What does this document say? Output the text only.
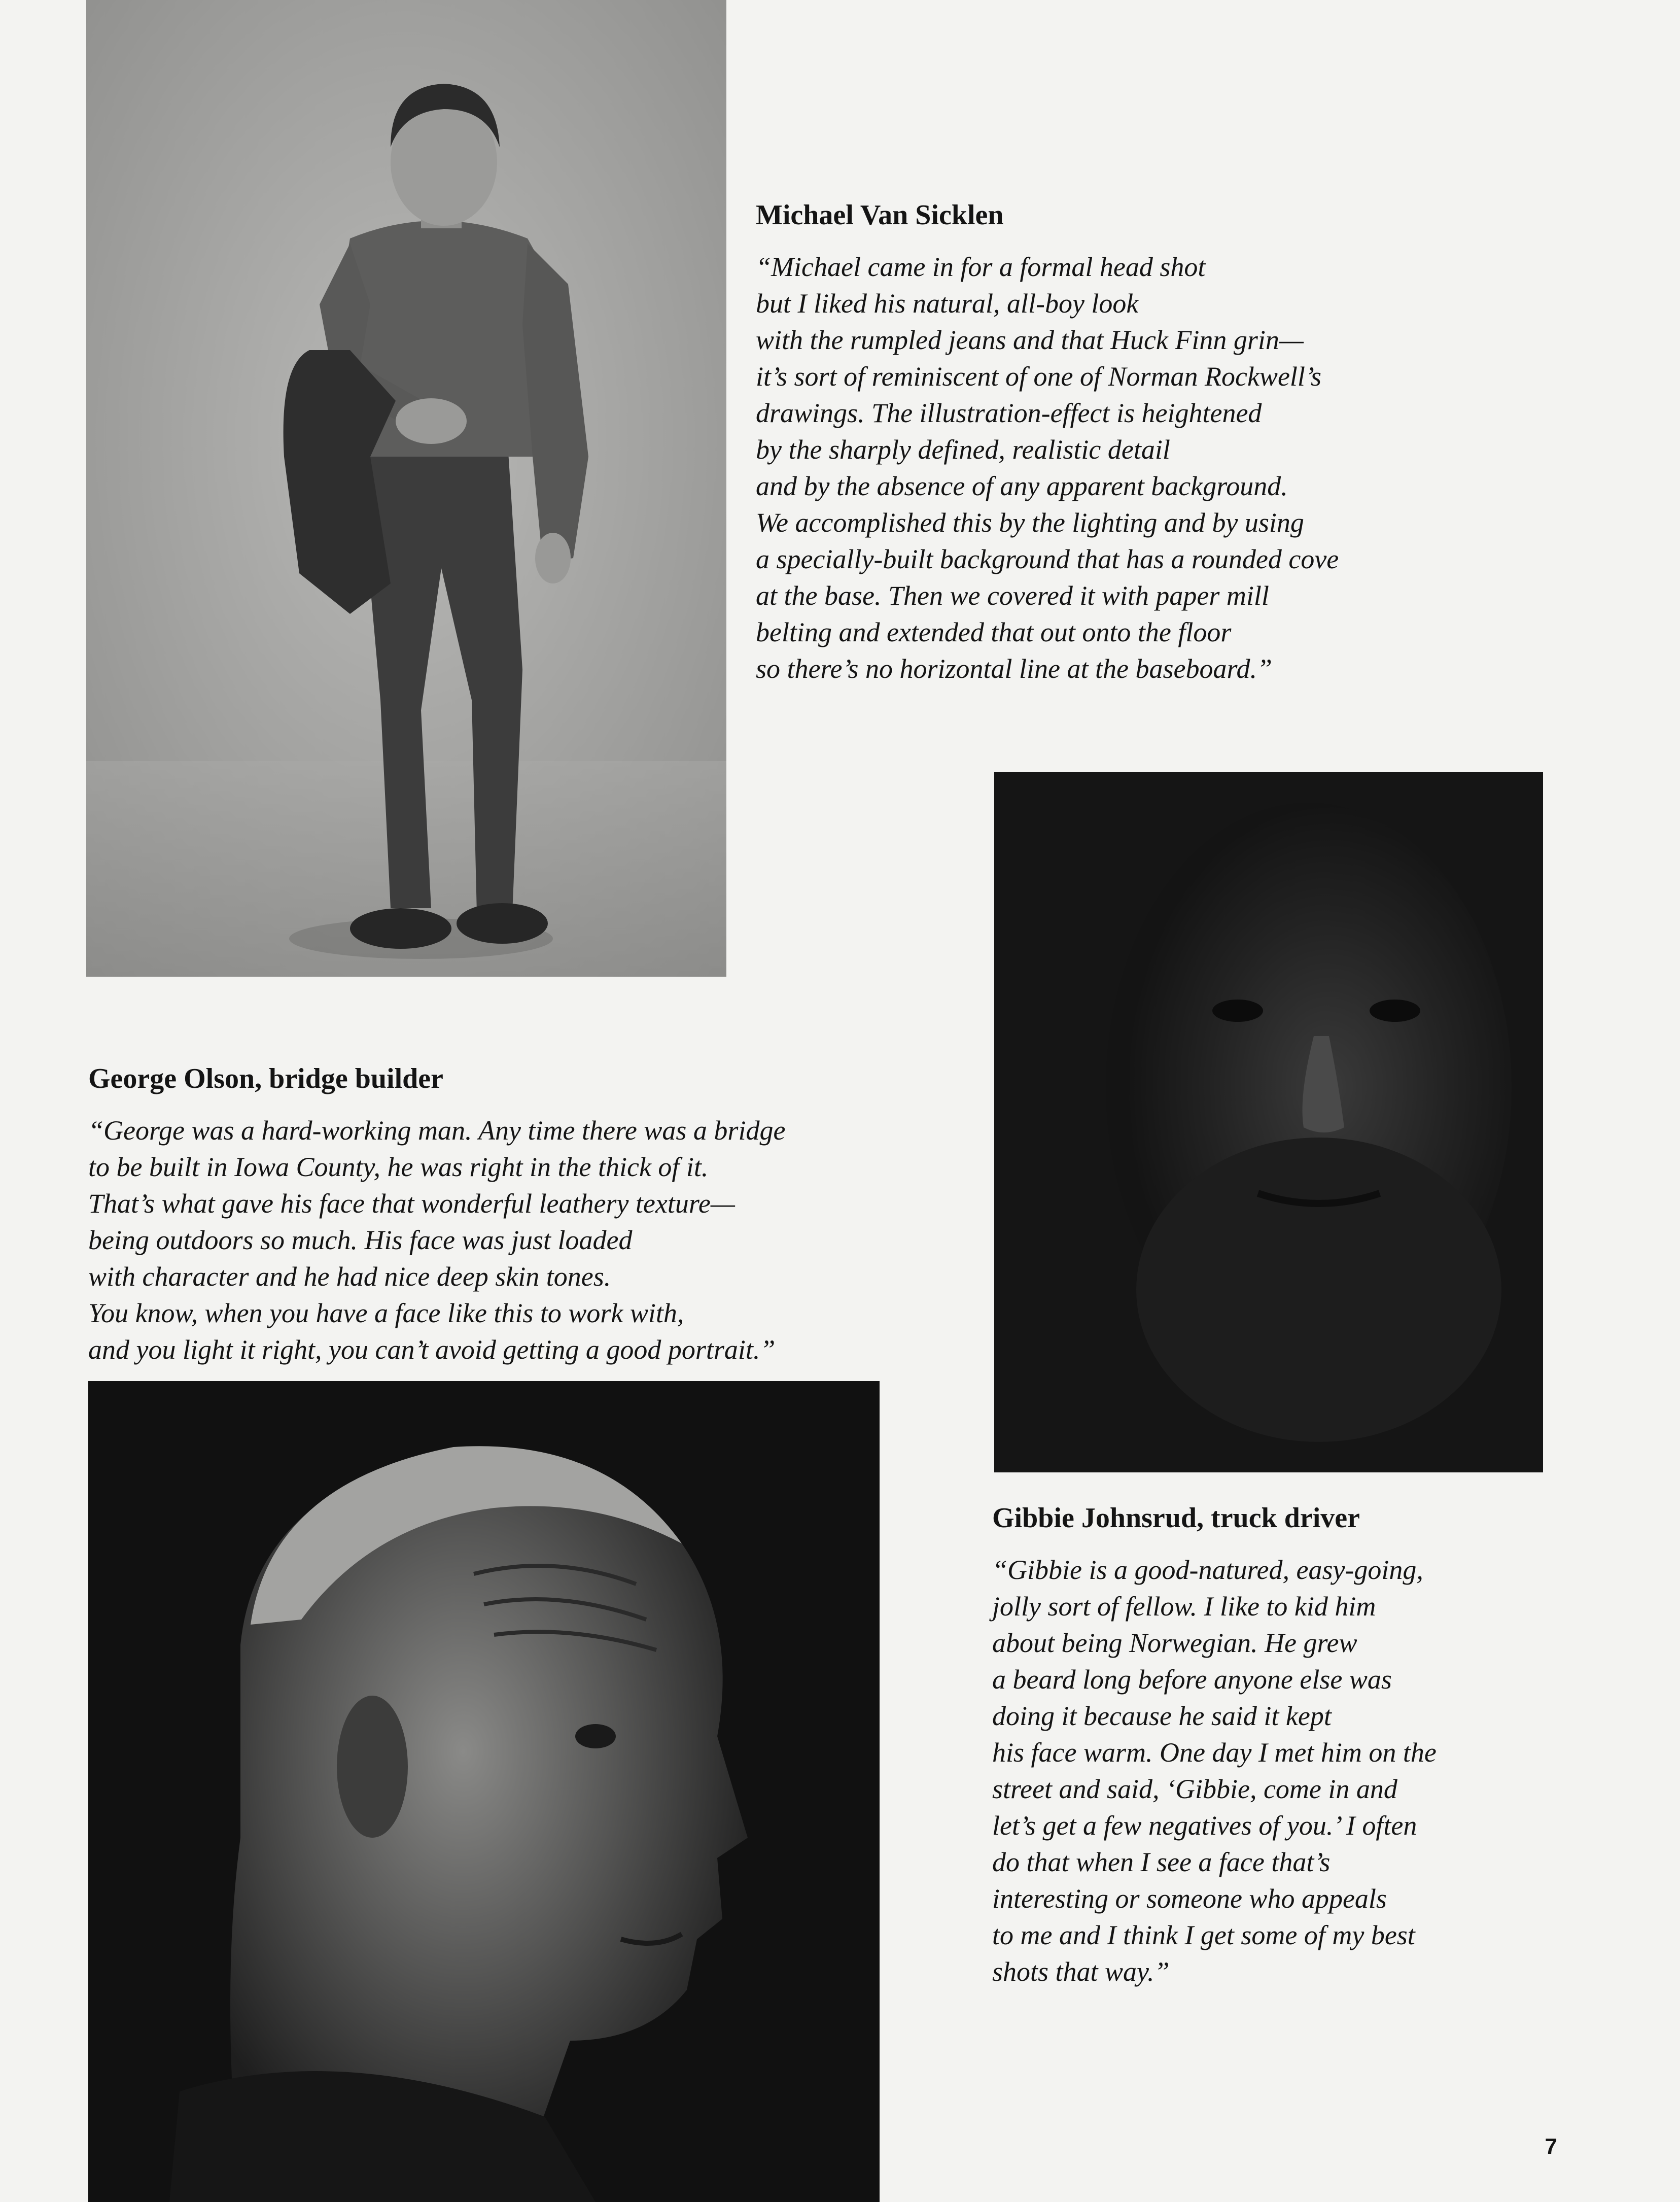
Michael Van Sicklen

“Michael came in for a formal head shot
but I liked his natural, all-boy look
with the rumpled jeans and that Huck Finn grin—
it’s sort of reminiscent of one of Norman Rockwell’s
drawings. The illustration-effect is heightened
by the sharply defined, realistic detail
and by the absence of any apparent background.
We accomplished this by the lighting and by using
a specially-built background that has a rounded cove
at the base. Then we covered it with paper mill
belting and extended that out onto the floor
so there’s no horizontal line at the baseboard.”

George Olson, bridge builder

“George was a hard-working man. Any time there was a bridge
to be built in Iowa County, he was right in the thick of it.
That’s what gave his face that wonderful leathery texture—
being outdoors so much. His face was just loaded
with character and he had nice deep skin tones.
You know, when you have a face like this to work with,
and you light it right, you can’t avoid getting a good portrait.”

Gibbie Johnsrud, truck driver

“Gibbie is a good-natured, easy-going,
jolly sort of fellow. I like to kid him
about being Norwegian. He grew
a beard long before anyone else was
doing it because he said it kept
his face warm. One day I met him on the
street and said, ‘Gibbie, come in and
let’s get a few negatives of you.’ I often
do that when I see a face that’s
interesting or someone who appeals
to me and I think I get some of my best
shots that way.”

7
